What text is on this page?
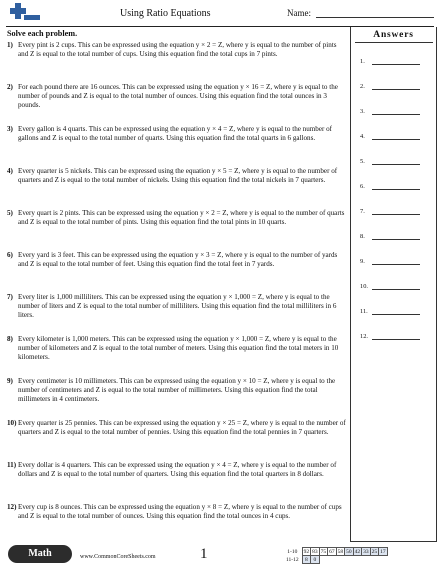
Using Ratio Equations	Name:
Solve each problem.
1) Every pint is 2 cups. This can be expressed using the equation y × 2 = Z, where y is equal to the number of pints and Z is equal to the total number of cups. Using this equation find the total cups in 7 pints.
2) For each pound there are 16 ounces. This can be expressed using the equation y × 16 = Z, where y is equal to the number of pounds and Z is equal to the total number of ounces. Using this equation find the total ounces in 3 pounds.
3) Every gallon is 4 quarts. This can be expressed using the equation y × 4 = Z, where y is equal to the number of gallons and Z is equal to the total number of quarts. Using this equation find the total quarts in 6 gallons.
4) Every quarter is 5 nickels. This can be expressed using the equation y × 5 = Z, where y is equal to the number of quarters and Z is equal to the total number of nickels. Using this equation find the total nickels in 7 quarters.
5) Every quart is 2 pints. This can be expressed using the equation y × 2 = Z, where y is equal to the number of quarts and Z is equal to the total number of pints. Using this equation find the total pints in 10 quarts.
6) Every yard is 3 feet. This can be expressed using the equation y × 3 = Z, where y is equal to the number of yards and Z is equal to the total number of feet. Using this equation find the total feet in 7 yards.
7) Every liter is 1,000 milliliters. This can be expressed using the equation y × 1,000 = Z, where y is equal to the number of liters and Z is equal to the total number of milliliters. Using this equation find the total milliliters in 6 liters.
8) Every kilometer is 1,000 meters. This can be expressed using the equation y × 1,000 = Z, where y is equal to the number of kilometers and Z is equal to the total number of meters. Using this equation find the total meters in 10 kilometers.
9) Every centimeter is 10 millimeters. This can be expressed using the equation y × 10 = Z, where y is equal to the number of centimeters and Z is equal to the total number of millimeters. Using this equation find the total millimeters in 4 centimeters.
10) Every quarter is 25 pennies. This can be expressed using the equation y × 25 = Z, where y is equal to the number of quarters and Z is equal to the total number of pennies. Using this equation find the total pennies in 7 quarters.
11) Every dollar is 4 quarters. This can be expressed using the equation y × 4 = Z, where y is equal to the number of dollars and Z is equal to the total number of quarters. Using this equation find the total quarters in 8 dollars.
12) Every cup is 8 ounces. This can be expressed using the equation y × 8 = Z, where y is equal to the number of cups and Z is equal to the total number of ounces. Using this equation find the total ounces in 4 cups.
Answers
1.
2.
3.
4.
5.
6.
7.
8.
9.
10.
11.
12.
Math	www.CommonCoreSheets.com	1	1-10	92	83	75	67	58	50	42	33	25	17
11-12	8	0								
